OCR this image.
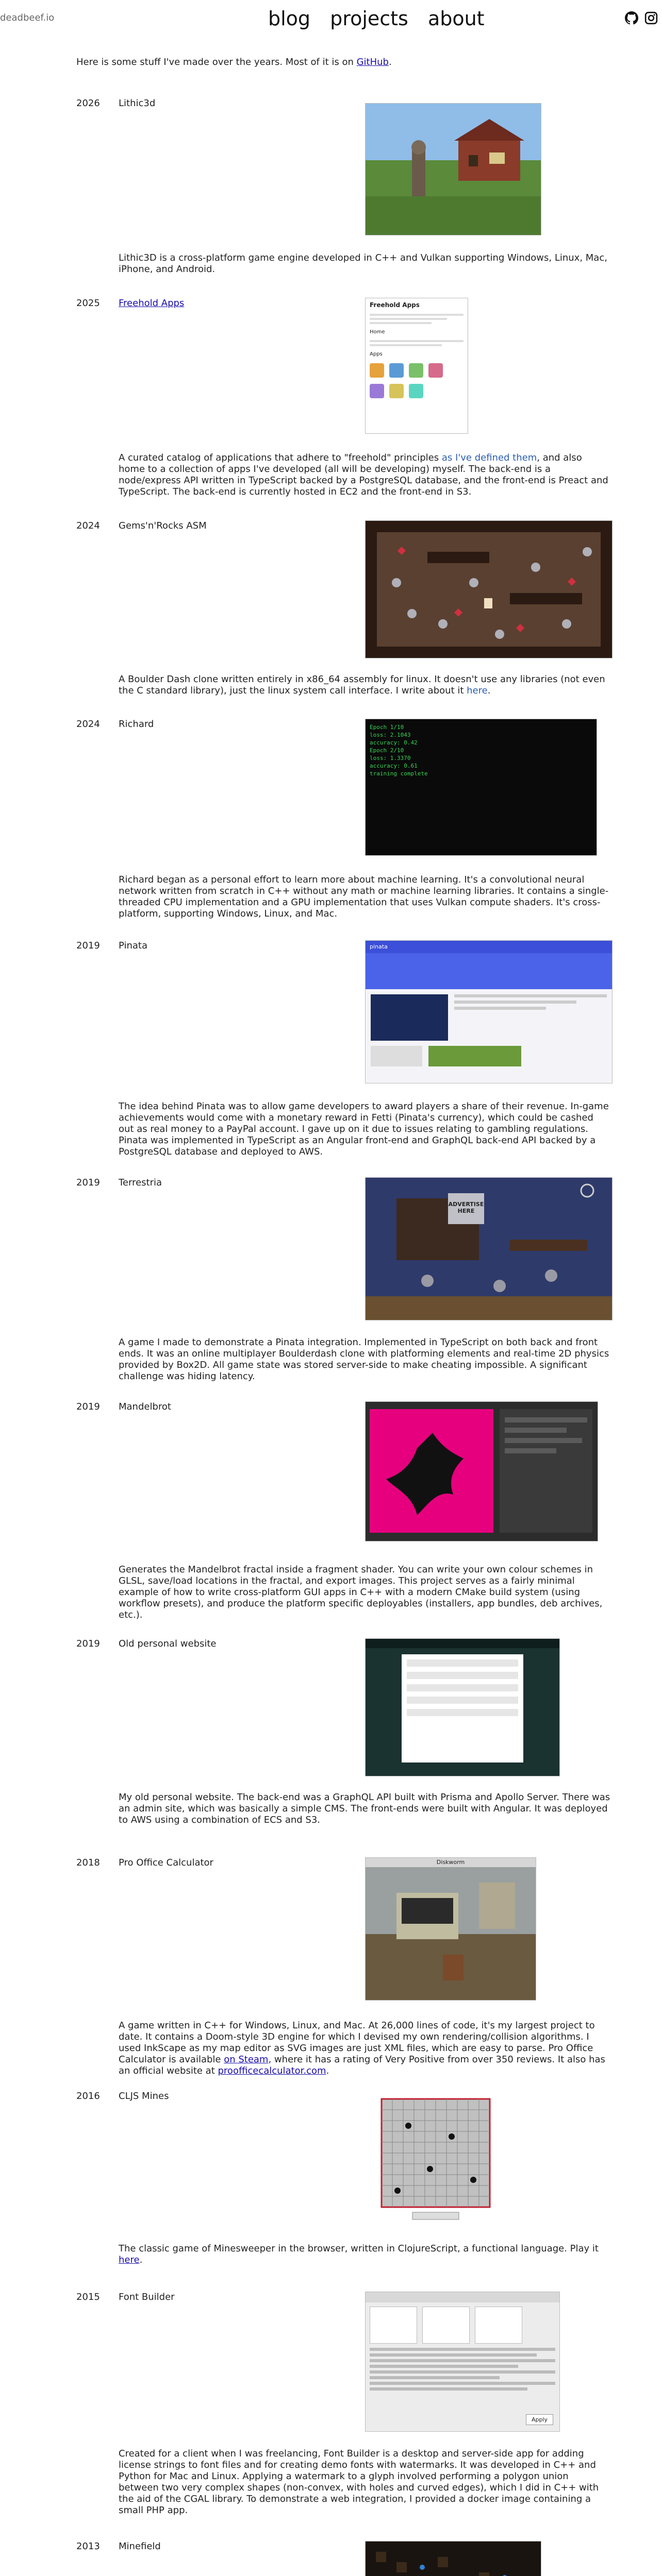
deadbeef.io	blog projects about
Here is some stuff I've made over the years. Most of it is on GitHub.
2026 Lithic3d
Lithic3D is a cross-platform game engine developed in C++ and Vulkan supporting Windows, Linux, Mac, iPhone, and Android.
2025 Freehold Apps	Freehold Apps
Home
Apps
A curated catalog of applications that adhere to "freehold" principles as I've defined them, and also home to a collection of apps I've developed (all will be developing) myself. The back-end is a node/express API written in TypeScript backed by a PostgreSQL database, and the front-end is Preact and TypeScript. The back-end is currently hosted in EC2 and the front-end in S3.
2024 Gems'n'Rocks ASM
A Boulder Dash clone written entirely in x86_64 assembly for linux. It doesn't use any libraries (not even the C standard library), just the linux system call interface. I write about it here.
2024 Richard	Epoch 1/10
loss: 2.1043
accuracy: 0.42
Epoch 2/10
loss: 1.3370
accuracy: 0.61
training complete
Richard began as a personal effort to learn more about machine learning. It's a convolutional neural network written from scratch in C++ without any math or machine learning libraries. It contains a single-threaded CPU implementation and a GPU implementation that uses Vulkan compute shaders. It's cross-platform, supporting Windows, Linux, and Mac.
2019 Pinata	pinata
The idea behind Pinata was to allow game developers to award players a share of their revenue. In-game achievements would come with a monetary reward in Fetti (Pinata's currency), which could be cashed out as real money to a PayPal account. I gave up on it due to issues relating to gambling regulations. Pinata was implemented in TypeScript as an Angular front-end and GraphQL back-end API backed by a PostgreSQL database and deployed to AWS.
2019 Terrestria
ADVERTISE HERE
A game I made to demonstrate a Pinata integration. Implemented in TypeScript on both back and front ends. It was an online multiplayer Boulderdash clone with platforming elements and real-time 2D physics provided by Box2D. All game state was stored server-side to make cheating impossible. A significant challenge was hiding latency.
2019 Mandelbrot
Generates the Mandelbrot fractal inside a fragment shader. You can write your own colour schemes in GLSL, save/load locations in the fractal, and export images. This project serves as a fairly minimal example of how to write cross-platform GUI apps in C++ with a modern CMake build system (using workflow presets), and produce the platform specific deployables (installers, app bundles, deb archives, etc.).
2019 Old personal website
My old personal website. The back-end was a GraphQL API built with Prisma and Apollo Server. There was an admin site, which was basically a simple CMS. The front-ends were built with Angular. It was deployed to AWS using a combination of ECS and S3.
2018 Pro Office Calculator	Diskworm
A game written in C++ for Windows, Linux, and Mac. At 26,000 lines of code, it's my largest project to date. It contains a Doom-style 3D engine for which I devised my own rendering/collision algorithms. I used InkScape as my map editor as SVG images are just XML files, which are easy to parse. Pro Office Calculator is available on Steam, where it has a rating of Very Positive from over 350 reviews. It also has an official website at proofficecalculator.com.
2016 CLJS Mines
The classic game of Minesweeper in the browser, written in ClojureScript, a functional language. Play it here.
2015 Font Builder
Apply
Created for a client when I was freelancing, Font Builder is a desktop and server-side app for adding license strings to font files and for creating demo fonts with watermarks. It was developed in C++ and Python for Mac and Linux. Applying a watermark to a glyph involved performing a polygon union between two very complex shapes (non-convex, with holes and curved edges), which I did in C++ with the aid of the CGAL library. To demonstrate a web integration, I provided a docker image containing a small PHP app.
2013 Minefield
